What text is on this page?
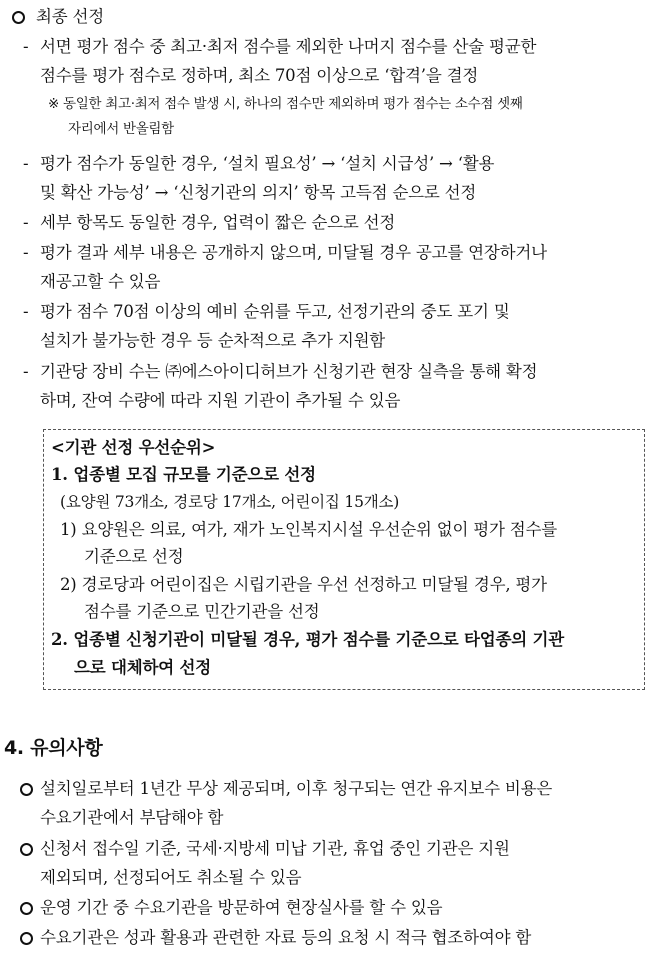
최종 선정
- 서면 평가 점수 중 최고·최저 점수를 제외한 나머지 점수를 산술 평균한
점수를 평가 점수로 정하며, 최소 70점 이상으로 ‘합격’을 결정
※ 동일한 최고·최저 점수 발생 시, 하나의 점수만 제외하며 평가 점수는 소수점 셋째
자리에서 반올림함
- 평가 점수가 동일한 경우, ‘설치 필요성’ → ‘설치 시급성’ → ‘활용
및 확산 가능성’ → ‘신청기관의 의지’ 항목 고득점 순으로 선정
- 세부 항목도 동일한 경우, 업력이 짧은 순으로 선정
- 평가 결과 세부 내용은 공개하지 않으며, 미달될 경우 공고를 연장하거나
재공고할 수 있음
- 평가 점수 70점 이상의 예비 순위를 두고, 선정기관의 중도 포기 및
설치가 불가능한 경우 등 순차적으로 추가 지원함
- 기관당 장비 수는 ㈜에스아이디허브가 신청기관 현장 실측을 통해 확정
하며, 잔여 수량에 따라 지원 기관이 추가될 수 있음
<기관 선정 우선순위>
1. 업종별 모집 규모를 기준으로 선정
(요양원 73개소, 경로당 17개소, 어린이집 15개소)
1) 요양원은 의료, 여가, 재가 노인복지시설 우선순위 없이 평가 점수를
기준으로 선정
2) 경로당과 어린이집은 시립기관을 우선 선정하고 미달될 경우, 평가
점수를 기준으로 민간기관을 선정
2. 업종별 신청기관이 미달될 경우, 평가 점수를 기준으로 타업종의 기관
으로 대체하여 선정
4. 유의사항
설치일로부터 1년간 무상 제공되며, 이후 청구되는 연간 유지보수 비용은
수요기관에서 부담해야 함
신청서 접수일 기준, 국세·지방세 미납 기관, 휴업 중인 기관은 지원
제외되며, 선정되어도 취소될 수 있음
운영 기간 중 수요기관을 방문하여 현장실사를 할 수 있음
수요기관은 성과 활용과 관련한 자료 등의 요청 시 적극 협조하여야 함
